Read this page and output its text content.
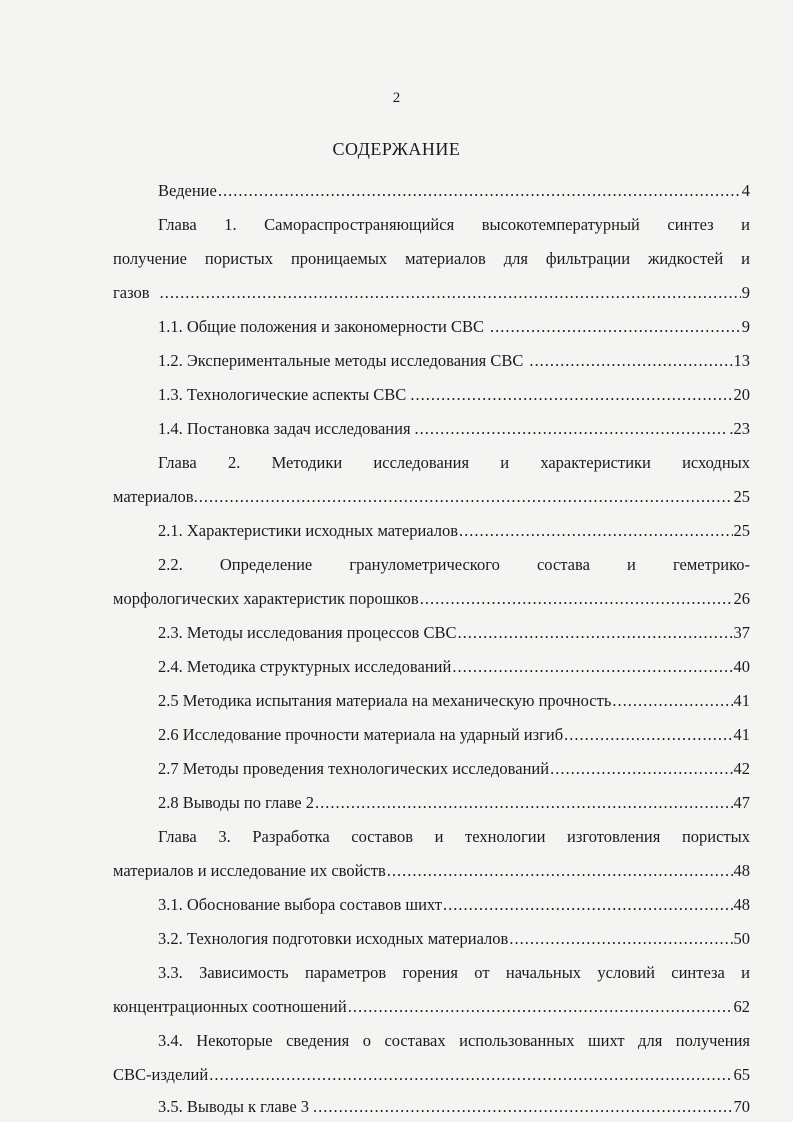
2
СОДЕРЖАНИЕ
Ведение .....	4
Глава 1. Самораспространяющийся высокотемпературный синтез и
получение пористых проницаемых материалов для фильтрации жидкостей и
газов .....	9
1.1. Общие положения и закономерности СВС .....	9
1.2. Экспериментальные методы исследования СВС .....	13
1.3. Технологические аспекты СВС .....	20
1.4. Постановка задач исследования .....	.23
Глава 2. Методики исследования и характеристики исходных
материалов. .....	25
2.1. Характеристики исходных материалов .....	25
2.2. Определение гранулометрического состава и геметрико-
морфологических характеристик порошков .....	26
2.3. Методы исследования процессов СВС .....	37
2.4. Методика структурных исследований .....	40
2.5 Методика испытания материала на механическую прочность .....	41
2.6 Исследование прочности материала на ударный изгиб .....	41
2.7 Методы проведения технологических исследований .....	42
2.8 Выводы по главе 2 .....	47
Глава 3. Разработка составов и технологии изготовления пористых
материалов и исследование их свойств .....	48
3.1. Обоснование выбора составов шихт .....	48
3.2. Технология подготовки исходных материалов .....	50
3.3. Зависимость параметров горения от начальных условий синтеза и
концентрационных соотношений .....	62
3.4. Некоторые сведения о составах использованных шихт для получения
СВС-изделий .....	65
3.5. Выводы к главе 3 .....	70
